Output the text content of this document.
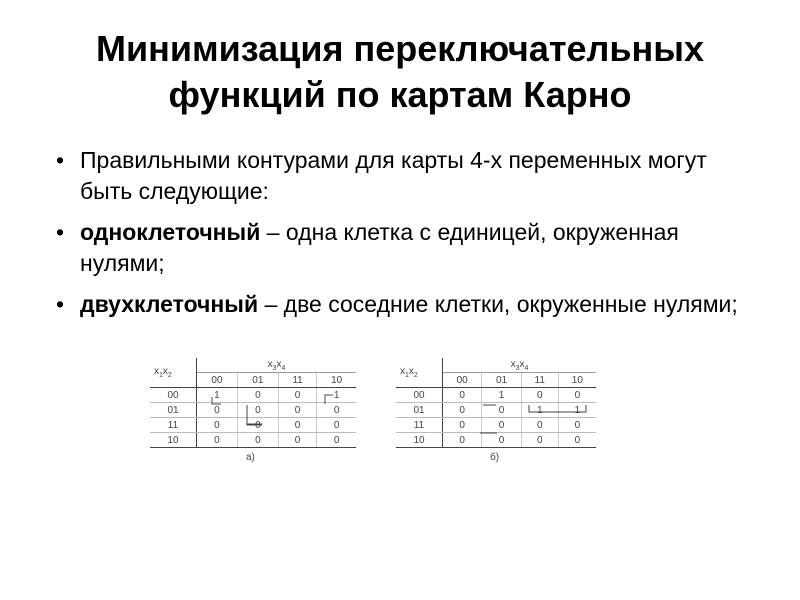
Минимизация переключательных
функций по картам Карно
• Правильными контурами для карты 4-х переменных могут быть следующие:
• одноклеточный – одна клетка с единицей, окруженная нулями;
• двухклеточный – две соседние клетки, окруженные нулями;
$x_1x_2$	$x_3x_4$
	00	01	11	10
00	1	0	0	1
01	0	0	0	0
11	0	0	0	0
10	0	0	0	0
а)
$x_1x_2$	$x_3x_4$
	00	01	11	10
00	0	1	0	0
01	0	0	1	1
11	0	0	0	0
10	0	0	0	0
б)
